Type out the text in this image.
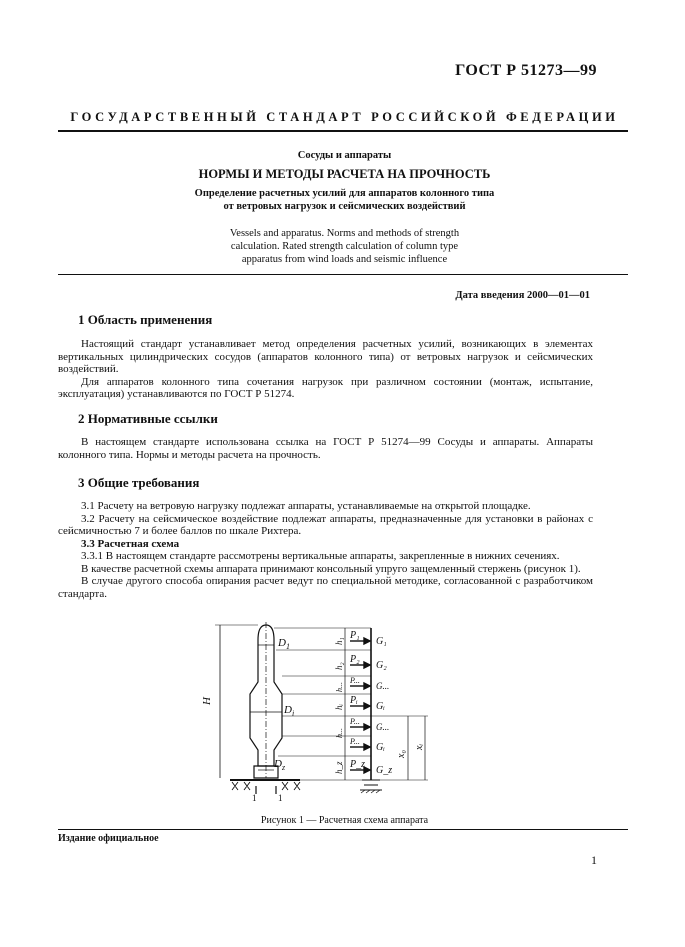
ГОСТ Р 51273—99
ГОСУДАРСТВЕННЫЙ СТАНДАРТ РОССИЙСКОЙ ФЕДЕРАЦИИ
Сосуды и аппараты
НОРМЫ И МЕТОДЫ РАСЧЕТА НА ПРОЧНОСТЬ
Определение расчетных усилий для аппаратов колонного типа
от ветровых нагрузок и сейсмических воздействий
Vessels and apparatus. Norms and methods of strength
calculation. Rated strength calculation of column type
apparatus from wind loads and seismic influence
Дата введения 2000—01—01
1 Область применения

Настоящий стандарт устанавливает метод определения расчетных усилий, возникающих в элементах вертикальных цилиндрических сосудов (аппаратов колонного типа) от ветровых нагрузок и сейсмических воздействий.

Для аппаратов колонного типа сочетания нагрузок при различном состоянии (монтаж, испытание, эксплуатация) устанавливаются по ГОСТ Р 51274.

2 Нормативные ссылки

В настоящем стандарте использована ссылка на ГОСТ Р 51274—99 Сосуды и аппараты. Аппараты колонного типа. Нормы и методы расчета на прочность.

3 Общие требования

3.1 Расчету на ветровую нагрузку подлежат аппараты, устанавливаемые на открытой площадке.

3.2 Расчету на сейсмическое воздействие подлежат аппараты, предназначенные для установки в районах с сейсмичностью 7 и более баллов по шкале Рихтера.

3.3 Расчетная схема

3.3.1 В настоящем стандарте рассмотрены вертикальные аппараты, закрепленные в нижних сечениях.

В качестве расчетной схемы аппарата принимают консольный упруго защемленный стержень (рисунок 1).

В случае другого способа опирания расчет ведут по специальной методике, согласованной с разработчиком стандарта.

H
$D_1$
$D_i$
$D_z$
1 1
h₁
h₂
h...
hᵢ
h...
h_z
P₁
P₂
P...
Pᵢ
P...
P...
P_z
G₁
G₂
G...
Gᵢ
G...
Gᵢ
G_z
x₀
xᵢ
Рисунок 1 — Расчетная схема аппарата
Издание официальное
1
